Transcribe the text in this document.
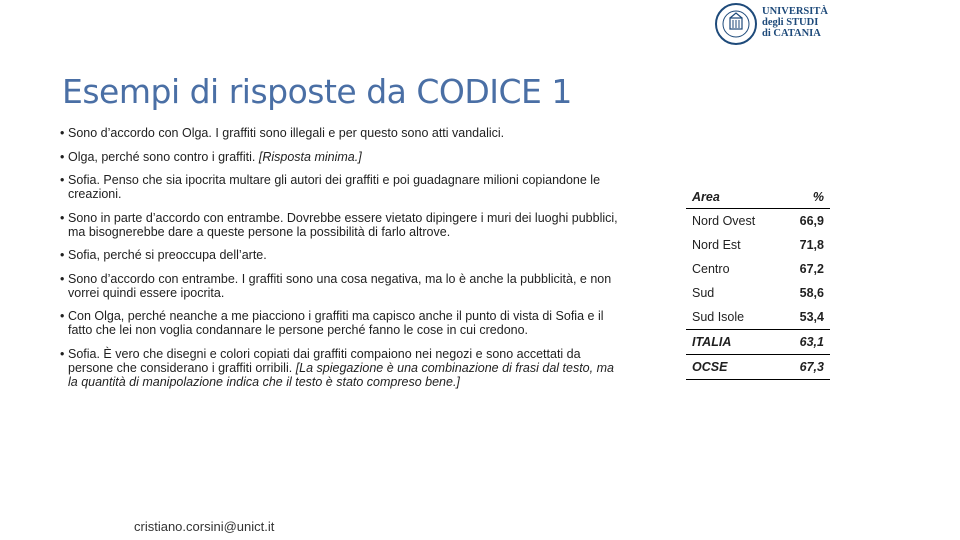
UNIVERSITÀ
degli STUDI
di CATANIA
Esempi di risposte da CODICE 1
• Sono d’accordo con Olga. I graffiti sono illegali e per questo sono atti vandalici.
• Olga, perché sono contro i graffiti. [Risposta minima.]
• Sofia. Penso che sia ipocrita multare gli autori dei graffiti e poi guadagnare milioni copiandone le creazioni.
• Sono in parte d’accordo con entrambe. Dovrebbe essere vietato dipingere i muri dei luoghi pubblici, ma bisognerebbe dare a queste persone la possibilità di farlo altrove.
• Sofia, perché si preoccupa dell’arte.
• Sono d’accordo con entrambe. I graffiti sono una cosa negativa, ma lo è anche la pubblicità, e non vorrei quindi essere ipocrita.
• Con Olga, perché neanche a me piacciono i graffiti ma capisco anche il punto di vista di Sofia e il fatto che lei non voglia condannare le persone perché fanno le cose in cui credono.
• Sofia. È vero che disegni e colori copiati dai graffiti compaiono nei negozi e sono accettati da persone che considerano i graffiti orribili. [La spiegazione è una combinazione di frasi dal testo, ma la quantità di manipolazione indica che il testo è stato compreso bene.]
Area	%
Nord Ovest	66,9
Nord Est	71,8
Centro	67,2
Sud	58,6
Sud Isole	53,4
ITALIA	63,1
OCSE	67,3
cristiano.corsini@unict.it
